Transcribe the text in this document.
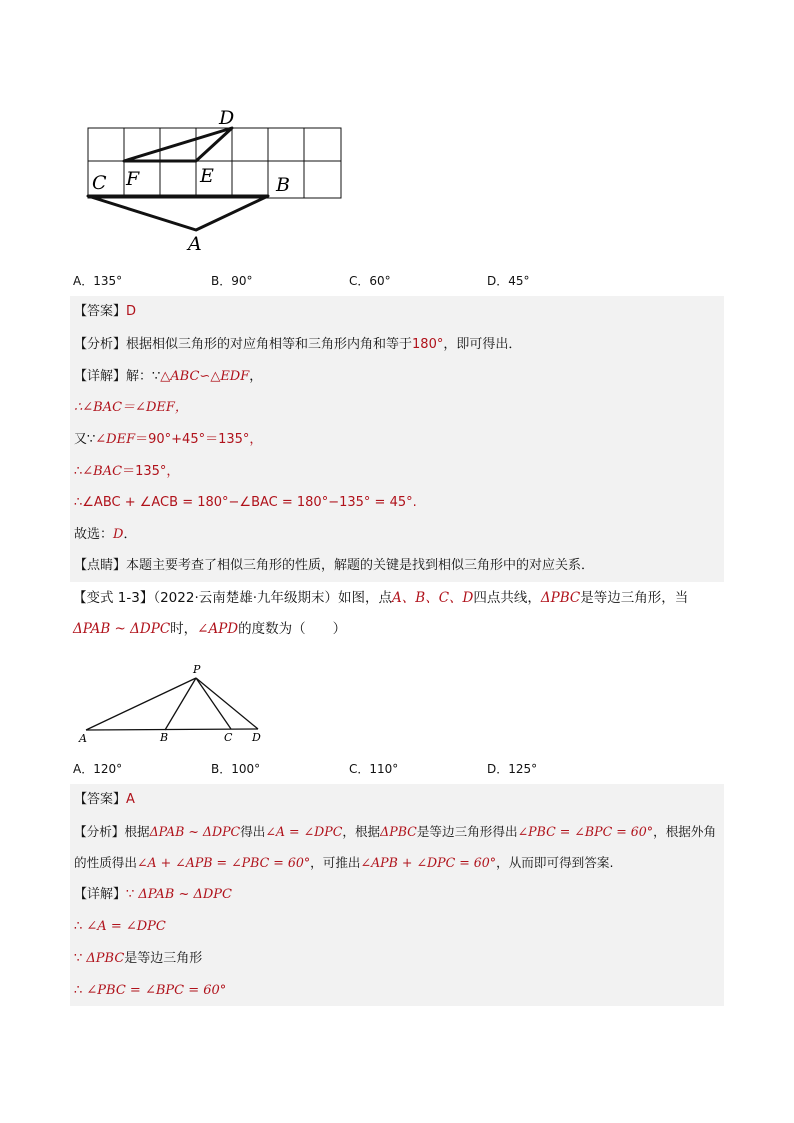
D
F	E
C	B
A
A．135°	B．90°	C．60°	D．45°
【答案】D
【分析】根据相似三角形的对应角相等和三角形内角和等于180°，即可得出．
【详解】解：∵△ABC∽△EDF，
∴∠BAC＝∠DEF，
又∵∠DEF＝90°+45°＝135°，
∴∠BAC＝135°，
∴∠ABC + ∠ACB = 180°−∠BAC = 180°−135° = 45°.
故选：D．
【点睛】本题主要考查了相似三角形的性质，解题的关键是找到相似三角形中的对应关系．
【变式 1-3】（2022·云南楚雄·九年级期末）如图，点A、B、C、D四点共线，ΔPBC是等边三角形，当
ΔPAB ~ ΔDPC时，∠APD的度数为（　　）
P
A	B	C D
A．120°	B．100°	C．110°	D．125°
【答案】A
【分析】根据ΔPAB ~ ΔDPC得出∠A = ∠DPC，根据ΔPBC是等边三角形得出∠PBC = ∠BPC = 60°，根据外角
的性质得出∠A + ∠APB = ∠PBC = 60°，可推出∠APB + ∠DPC = 60°，从而即可得到答案.
【详解】∵ ΔPAB ~ ΔDPC
∴ ∠A = ∠DPC
∵ ΔPBC是等边三角形
∴ ∠PBC = ∠BPC = 60°
